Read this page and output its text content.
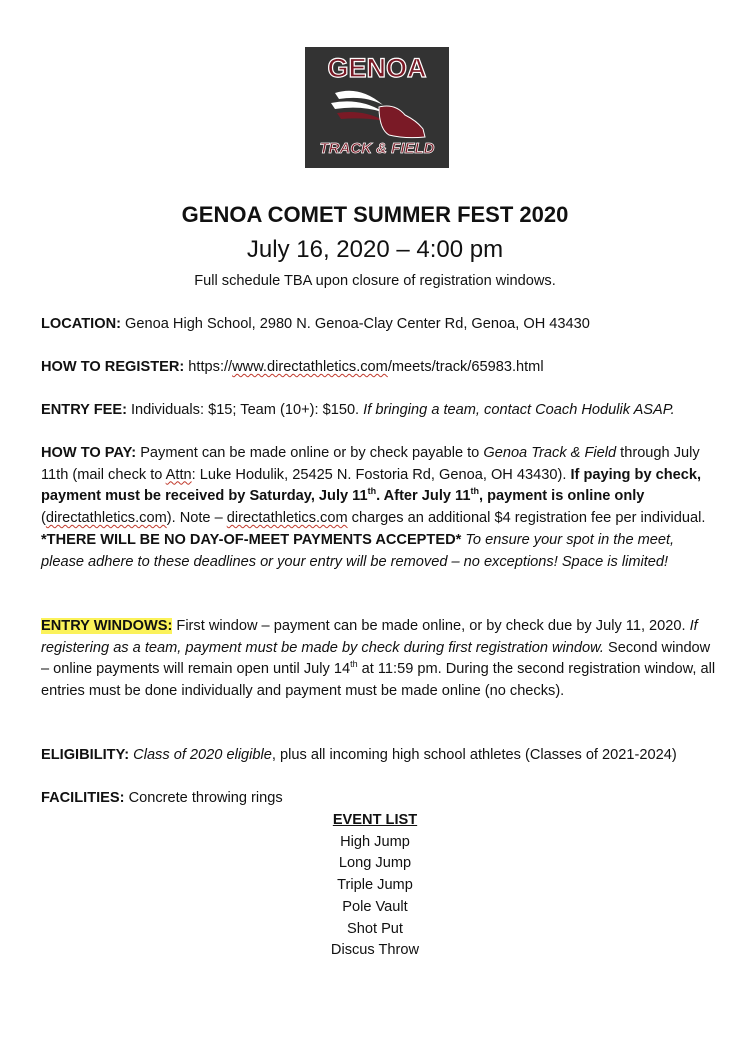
GENOA
TRACK & FIELD
GENOA COMET SUMMER FEST 2020
July 16, 2020 – 4:00 pm
Full schedule TBA upon closure of registration windows.

LOCATION: Genoa High School, 2980 N. Genoa-Clay Center Rd, Genoa, OH 43430

HOW TO REGISTER: https://www.directathletics.com/meets/track/65983.html

ENTRY FEE: Individuals: $15; Team (10+): $150. If bringing a team, contact Coach Hodulik ASAP.

HOW TO PAY: Payment can be made online or by check payable to Genoa Track & Field through July 11th (mail check to Attn: Luke Hodulik, 25425 N. Fostoria Rd, Genoa, OH 43430). If paying by check, payment must be received by Saturday, July 11th. After July 11th, payment is online only (directathletics.com). Note – directathletics.com charges an additional $4 registration fee per individual. *THERE WILL BE NO DAY-OF-MEET PAYMENTS ACCEPTED* To ensure your spot in the meet, please adhere to these deadlines or your entry will be removed – no exceptions! Space is limited!

ENTRY WINDOWS: First window – payment can be made online, or by check due by July 11, 2020. If registering as a team, payment must be made by check during first registration window. Second window – online payments will remain open until July 14th at 11:59 pm. During the second registration window, all entries must be done individually and payment must be made online (no checks).

ELIGIBILITY: Class of 2020 eligible, plus all incoming high school athletes (Classes of 2021-2024)

FACILITIES: Concrete throwing rings

EVENT LIST
High Jump
Long Jump
Triple Jump
Pole Vault
Shot Put
Discus Throw
